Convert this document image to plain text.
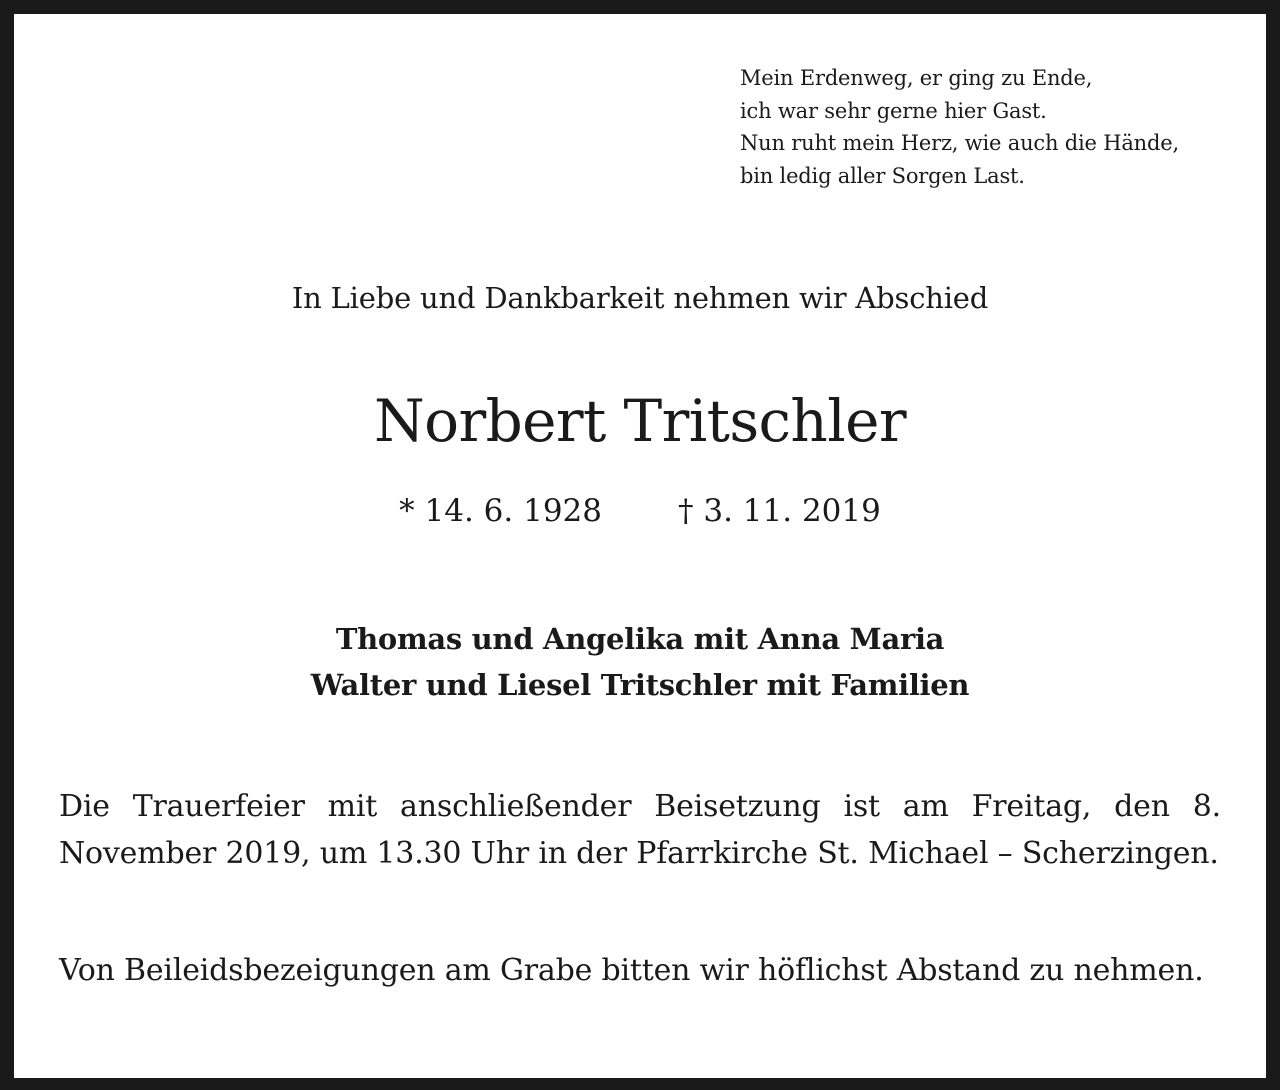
Mein Erdenweg, er ging zu Ende,
ich war sehr gerne hier Gast.
Nun ruht mein Herz, wie auch die Hände,
bin ledig aller Sorgen Last.
In Liebe und Dankbarkeit nehmen wir Abschied
Norbert Tritschler
* 14. 6. 1928 † 3. 11. 2019
Thomas und Angelika mit Anna Maria
Walter und Liesel Tritschler mit Familien
Die Trauerfeier mit anschließender Beisetzung ist am Freitag, den 8. November 2019, um 13.30 Uhr in der Pfarrkirche St. Michael – Scherzingen.
Von Beileidsbezeigungen am Grabe bitten wir höflichst Abstand zu nehmen.
